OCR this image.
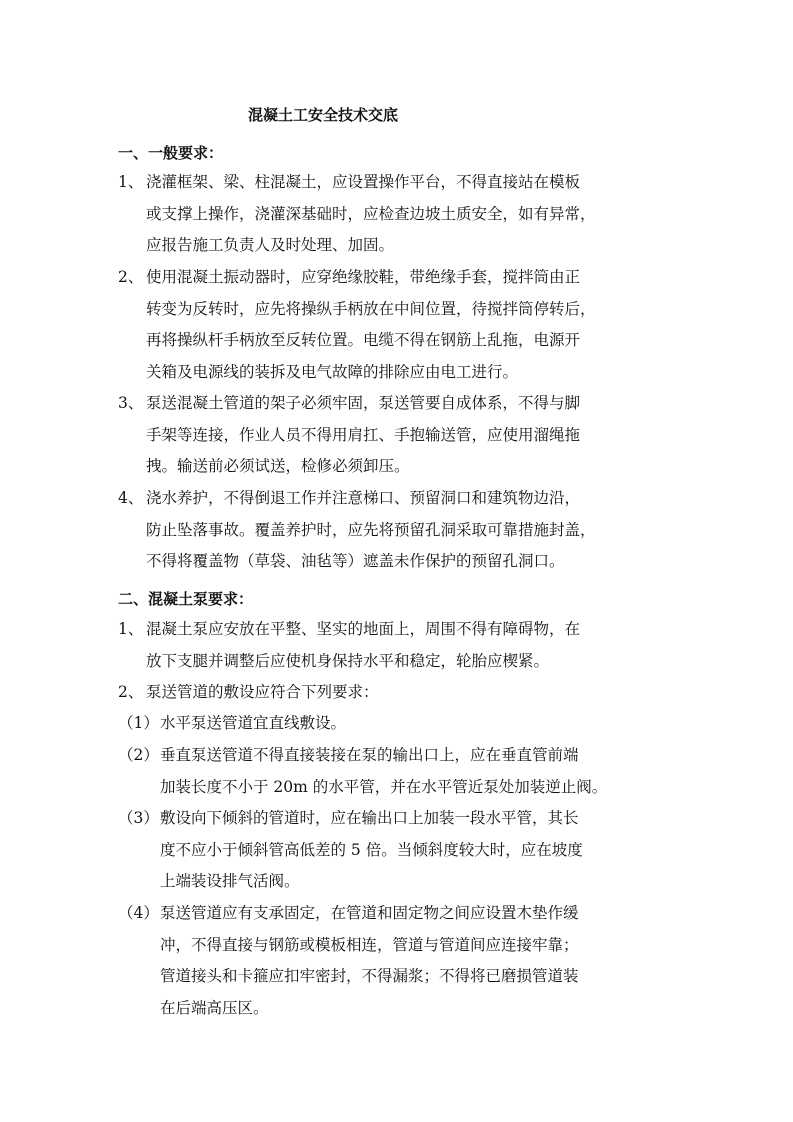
混凝土工安全技术交底
一、一般要求：
1、 浇灌框架、梁、柱混凝土，应设置操作平台，不得直接站在模板
或支撑上操作，浇灌深基础时，应检查边坡土质安全，如有异常，
应报告施工负责人及时处理、加固。
2、 使用混凝土振动器时，应穿绝缘胶鞋，带绝缘手套，搅拌筒由正
转变为反转时，应先将操纵手柄放在中间位置，待搅拌筒停转后，
再将操纵杆手柄放至反转位置。电缆不得在钢筋上乱拖，电源开
关箱及电源线的装拆及电气故障的排除应由电工进行。
3、 泵送混凝土管道的架子必须牢固，泵送管要自成体系，不得与脚
手架等连接，作业人员不得用肩扛、手抱输送管，应使用溜绳拖
拽。输送前必须试送，检修必须卸压。
4、 浇水养护，不得倒退工作并注意梯口、预留洞口和建筑物边沿，
防止坠落事故。覆盖养护时，应先将预留孔洞采取可靠措施封盖，
不得将覆盖物（草袋、油毡等）遮盖未作保护的预留孔洞口。
二、混凝土泵要求：
1、 混凝土泵应安放在平整、坚实的地面上，周围不得有障碍物，在
放下支腿并调整后应使机身保持水平和稳定，轮胎应楔紧。
2、 泵送管道的敷设应符合下列要求：
（1）水平泵送管道宜直线敷设。
（2）垂直泵送管道不得直接装接在泵的输出口上，应在垂直管前端
加装长度不小于 20m 的水平管，并在水平管近泵处加装逆止阀。
（3）敷设向下倾斜的管道时，应在输出口上加装一段水平管，其长
度不应小于倾斜管高低差的 5 倍。当倾斜度较大时，应在坡度
上端装设排气活阀。
（4）泵送管道应有支承固定，在管道和固定物之间应设置木垫作缓
冲，不得直接与钢筋或模板相连，管道与管道间应连接牢靠；
管道接头和卡箍应扣牢密封，不得漏浆；不得将已磨损管道装
在后端高压区。
